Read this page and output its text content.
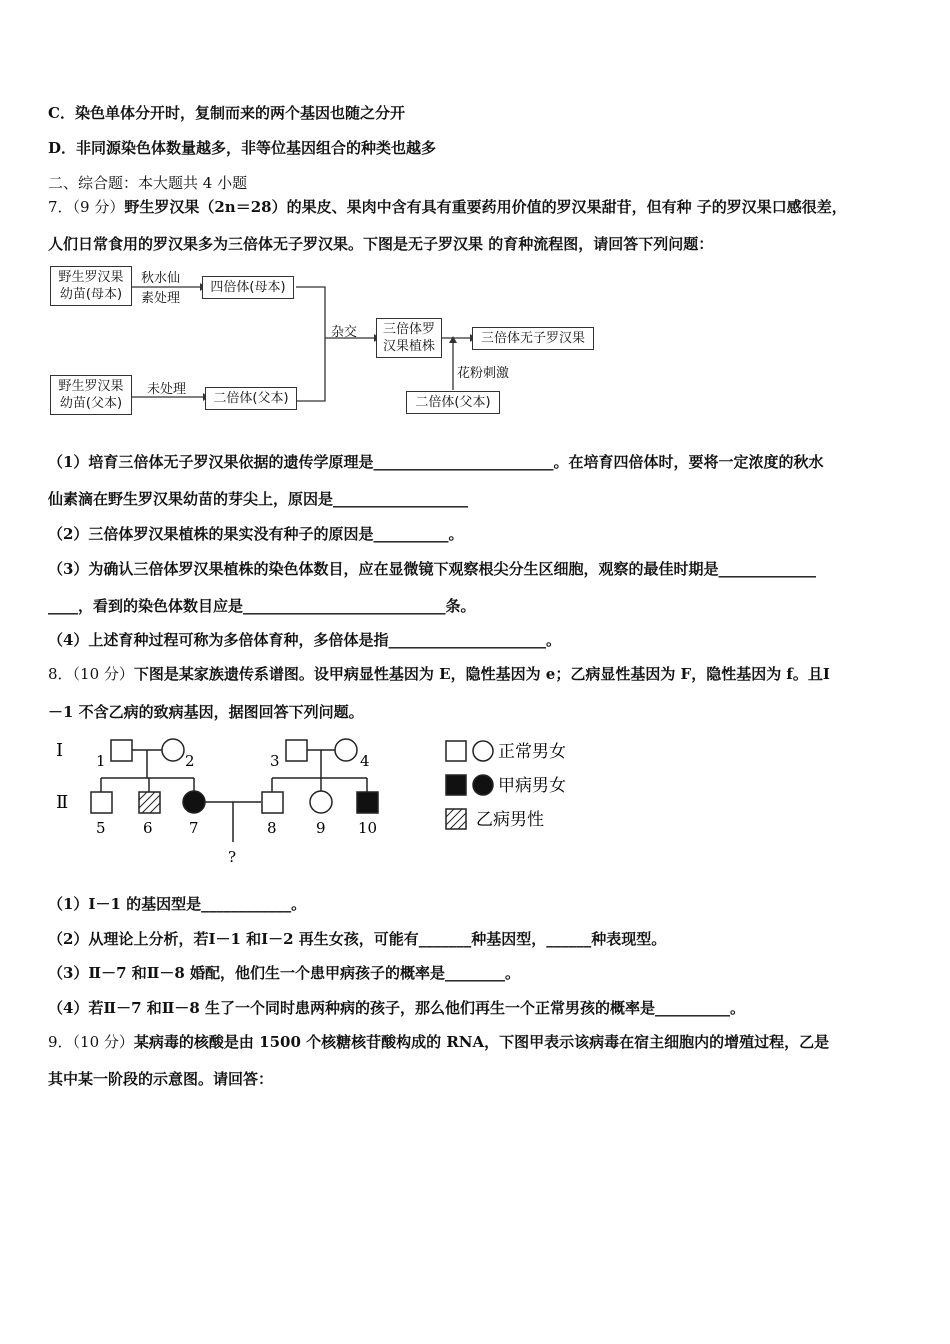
C．染色单体分开时，复制而来的两个基因也随之分开
D．非同源染色体数量越多，非等位基因组合的种类也越多
二、综合题：本大题共 4 小题
7．（9 分）野生罗汉果（2n＝28）的果皮、果肉中含有具有重要药用价值的罗汉果甜苷，但有种 子的罗汉果口感很差，
人们日常食用的罗汉果多为三倍体无子罗汉果。下图是无子罗汉果 的育种流程图，请回答下列问题：
野生罗汉果
幼苗(母本)
野生罗汉果
幼苗(父本)
秋水仙
素处理
未处理
四倍体(母本)
二倍体(父本)
杂交 三倍体罗
汉果植株
三倍体无子罗汉果
花粉刺激
二倍体(父本)
（1）培育三倍体无子罗汉果依据的遗传学原理是________________________。在培育四倍体时，要将一定浓度的秋水
仙素滴在野生罗汉果幼苗的芽尖上，原因是__________________
（2）三倍体罗汉果植株的果实没有种子的原因是__________。
（3）为确认三倍体罗汉果植株的染色体数目，应在显微镜下观察根尖分生区细胞，观察的最佳时期是_____________
____，看到的染色体数目应是___________________________条。
（4）上述育种过程可称为多倍体育种，多倍体是指_____________________。
8．（10 分）下图是某家族遗传系谱图。设甲病显性基因为 E，隐性基因为 e；乙病显性基因为 F，隐性基因为 f。且Ⅰ
－1 不含乙病的致病基因，据图回答下列问题。
Ⅰ
Ⅱ
1	2	3	4
5 6 7	8	9 10
?
正常男女
甲病男女
乙病男性
（1）Ⅰ－1 的基因型是____________。
（2）从理论上分析，若Ⅰ－1 和Ⅰ－2 再生女孩，可能有_______种基因型，______种表现型。
（3）Ⅱ－7 和Ⅱ－8 婚配，他们生一个患甲病孩子的概率是________。
（4）若Ⅱ－7 和Ⅱ－8 生了一个同时患两种病的孩子，那么他们再生一个正常男孩的概率是__________。
9．（10 分）某病毒的核酸是由 1500 个核糖核苷酸构成的 RNA，下图甲表示该病毒在宿主细胞内的增殖过程，乙是
其中某一阶段的示意图。请回答：
